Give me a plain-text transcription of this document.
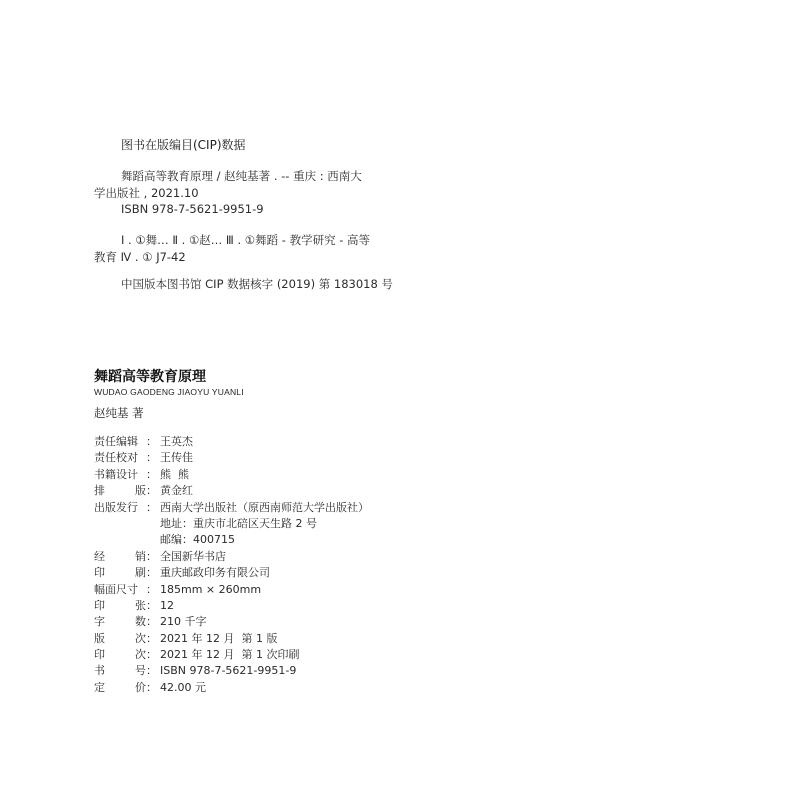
图书在版编目(CIP)数据
舞蹈高等教育原理 / 赵纯基著 . -- 重庆 : 西南大
学出版社 , 2021.10
ISBN 978-7-5621-9951-9
Ⅰ . ①舞… Ⅱ . ①赵… Ⅲ . ①舞蹈 - 教学研究 - 高等
教育 Ⅳ . ① J7-42
中国版本图书馆 CIP 数据核字 (2019) 第 183018 号
舞蹈高等教育原理
WUDAO GAODENG JIAOYU YUANLI
赵纯基 著
责任编辑 ： 王英杰
责任校对 ： 王传佳
书籍设计 ： 熊  熊
排	版 ： 黄金红
出版发行 ： 西南大学出版社（原西南师范大学出版社）
地址：重庆市北碚区天生路 2 号
邮编：400715
经	销 ： 全国新华书店
印	刷 ： 重庆邮政印务有限公司
幅面尺寸 ： 185mm × 260mm
印	张 ： 12
字	数 ： 210 千字
版	次 ： 2021 年 12 月  第 1 版
印	次 ： 2021 年 12 月  第 1 次印刷
书	号 ： ISBN 978-7-5621-9951-9
定	价 ： 42.00 元
